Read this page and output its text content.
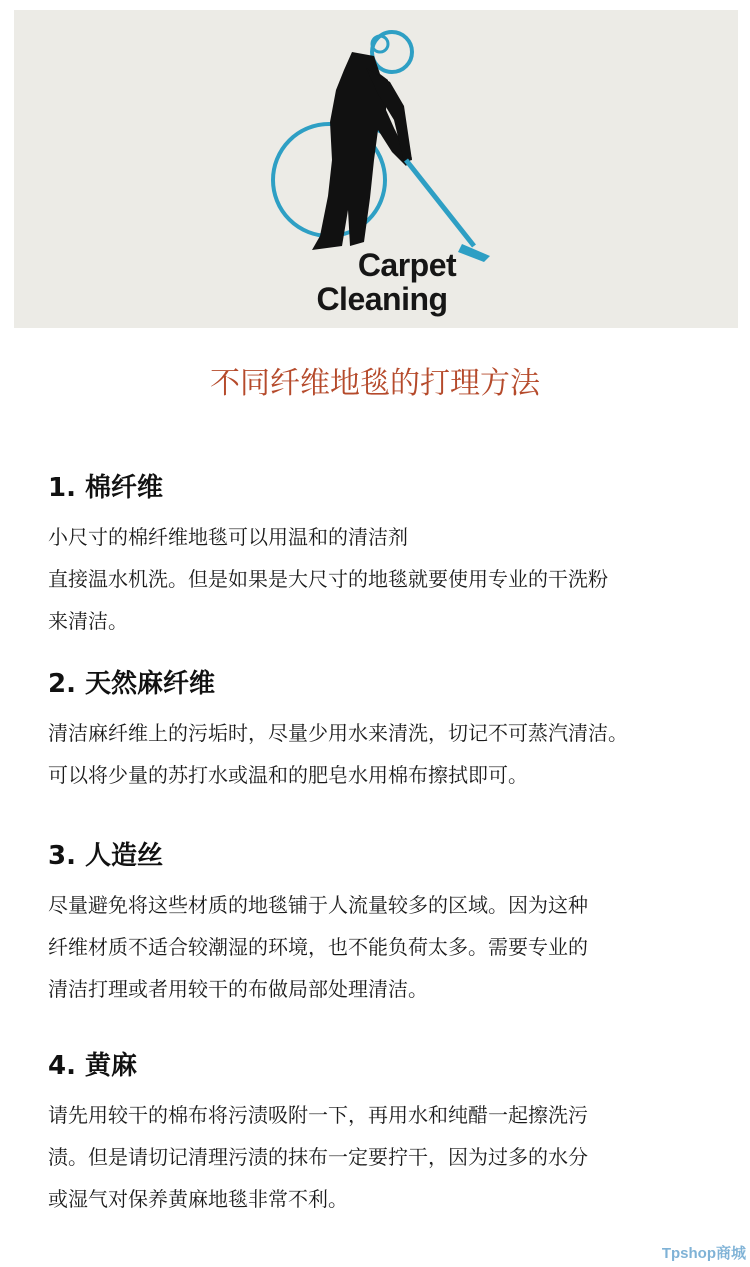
Carpet
Cleaning
不同纤维地毯的打理方法
1. 棉纤维
小尺寸的棉纤维地毯可以用温和的清洁剂
直接温水机洗。但是如果是大尺寸的地毯就要使用专业的干洗粉
来清洁。
2. 天然麻纤维
清洁麻纤维上的污垢时，尽量少用水来清洗，切记不可蒸汽清洁。
可以将少量的苏打水或温和的肥皂水用棉布擦拭即可。
3. 人造丝
尽量避免将这些材质的地毯铺于人流量较多的区域。因为这种
纤维材质不适合较潮湿的环境，也不能负荷太多。需要专业的
清洁打理或者用较干的布做局部处理清洁。
4. 黄麻
请先用较干的棉布将污渍吸附一下，再用水和纯醋一起擦洗污
渍。但是请切记清理污渍的抹布一定要拧干，因为过多的水分
或湿气对保养黄麻地毯非常不利。
Tpshop商城
